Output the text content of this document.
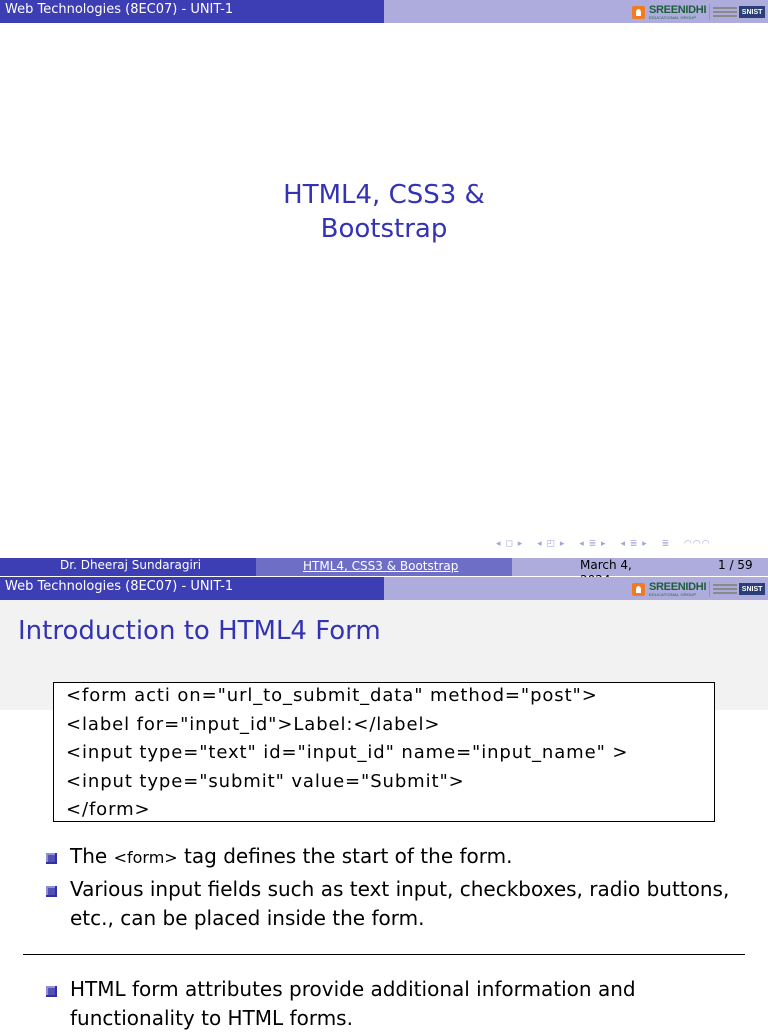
Web Technologies (8EC07) - UNIT-1	SREENIDHI
EDUCATIONAL GROUP
SNIST
HTML4, CSS3 &
Bootstrap
◂ ◻ ▸ ◂ ◰ ▸ ◂ ≣ ▸ ◂ ≣ ▸ ≣ ◠◠◠
Dr. Dheeraj Sundaragiri	HTML4, CSS3 & Bootstrap	March 4,	1 / 59
Web Technologies (8EC07) - UNIT-1	SREENIDHI
EDUCATIONAL GROUP
SNIST
Introduction to HTML4 Form
<form acti on="url_to_submit_data" method="post">
<label for="input_id">Label:</label>
<input type="text" id="input_id" name="input_name" >
<input type="submit" value="Submit">
</form>
The <form> tag defines the start of the form.
Various input fields such as text input, checkboxes, radio buttons, etc., can be placed inside the form.
HTML form attributes provide additional information and functionality to HTML forms.
